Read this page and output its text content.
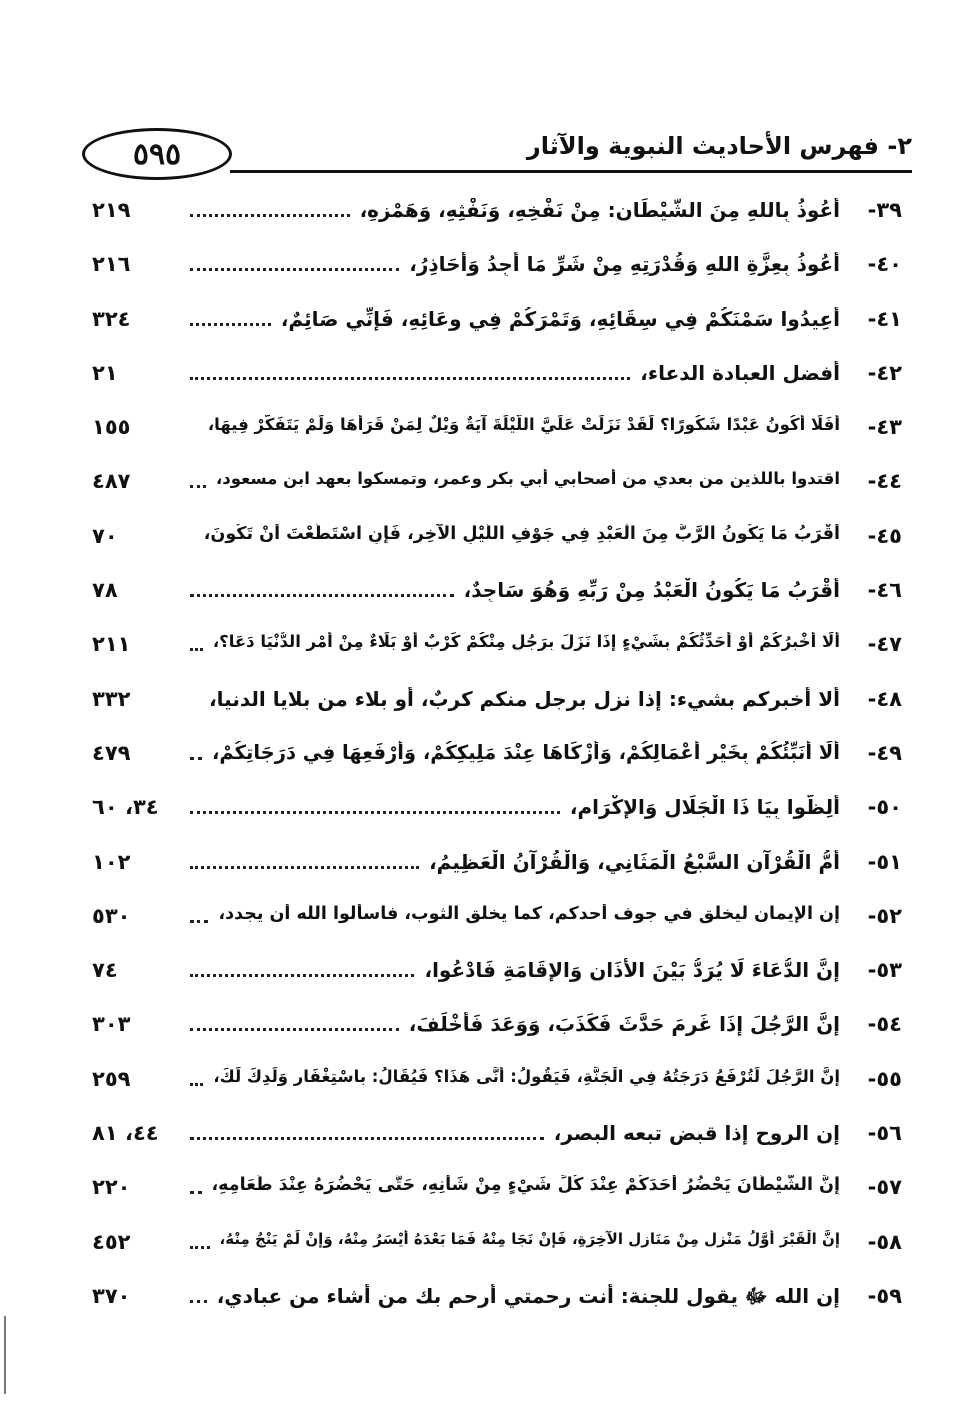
٥٩٥	٢- فهرس الأحاديث النبوية والآثار
٣٩-
أَعُوذُ بِاللهِ مِنَ الشَّيْطَانِ: مِنْ نَفْخِهِ، وَنَفْثِهِ، وَهَمْزِهِ،
٢١٩
٤٠-
أَعُوذُ بِعِزَّةِ اللهِ وَقُدْرَتِهِ مِنْ شَرِّ مَا أَجِدُ وَأُحَاذِرُ،
٢١٦
٤١-
أَعِيدُوا سَمْنَكُمْ فِي سِقَائِهِ، وَتَمْرَكُمْ فِي وِعَائِهِ، فَإِنِّي صَائِمٌ،
٣٢٤
٤٢-
أفضل العبادة الدعاء،
٢١
٤٣-
أَفَلَا أَكُونُ عَبْدًا شَكُورًا؟ لَقَدْ نَزَلَتْ عَلَيَّ اللَّيْلَةَ آيَةٌ وَيْلٌ لِمَنْ قَرَأَهَا وَلَمْ يَتَفَكَّرْ فِيهَا،
١٥٥
٤٤-
اقتدوا باللذين من بعدي من أصحابي أبي بكر وعمر، وتمسكوا بعهد ابن مسعود،
٤٨٧
٤٥-
أَقْرَبُ مَا يَكُونُ الرَّبُّ مِنَ الْعَبْدِ فِي جَوْفِ اللَّيْلِ الآخِرِ، فَإِنِ اسْتَطَعْتَ أَنْ تَكُونَ،
٧٠
٤٦-
أَقْرَبُ مَا يَكُونُ الْعَبْدُ مِنْ رَبِّهِ وَهُوَ سَاجِدٌ،
٧٨
٤٧-
أَلَا أُخْبِرُكُمْ أَوْ أُحَدِّثُكُمْ بِشَيْءٍ إِذَا نَزَلَ بِرَجُلٍ مِنْكُمْ كَرْبٌ أَوْ بَلَاءٌ مِنْ أَمْرِ الدُّنْيَا دَعَا؟،
٢١١
٤٨-
ألا أخبركم بشيء: إذا نزل برجل منكم كربٌ، أو بلاء من بلايا الدنيا،
٣٣٢
٤٩-
أَلَا أُنَبِّئُكُمْ بِخَيْرِ أَعْمَالِكُمْ، وَأَزْكَاهَا عِنْدَ مَلِيكِكُمْ، وَأَرْفَعِهَا فِي دَرَجَاتِكُمْ،
٤٧٩
٥٠-
أَلِظُّوا بِيَا ذَا الْجَلَالِ وَالإِكْرَامِ،
٣٤، ٦٠
٥١-
أُمُّ الْقُرْآنِ السَّبْعُ الْمَثَانِي، وَالْقُرْآنُ الْعَظِيمُ،
١٠٢
٥٢-
إن الإيمان ليخلق في جوف أحدكم، كما يخلق الثوب، فاسألوا الله أن يجدد،
٥٣٠
٥٣-
إِنَّ الدُّعَاءَ لَا يُرَدُّ بَيْنَ الأَذَانِ وَالإِقَامَةِ فَادْعُوا،
٧٤
٥٤-
إِنَّ الرَّجُلَ إِذَا غَرِمَ حَدَّثَ فَكَذَبَ، وَوَعَدَ فَأَخْلَفَ،
٣٠٣
٥٥-
إِنَّ الرَّجُلَ لَتُرْفَعُ دَرَجَتُهُ فِي الْجَنَّةِ، فَيَقُولُ: أَنَّى هَذَا؟ فَيُقَالُ: بِاسْتِغْفَارِ وَلَدِكَ لَكَ،
٢٥٩
٥٦-
إن الروح إذا قبض تبعه البصر،
٤٤، ٨١
٥٧-
إِنَّ الشَّيْطَانَ يَحْضُرُ أَحَدَكُمْ عِنْدَ كُلِّ شَيْءٍ مِنْ شَأْنِهِ، حَتَّى يَحْضُرَهُ عِنْدَ طَعَامِهِ،
٢٢٠
٥٨-
إِنَّ الْقَبْرَ أَوَّلُ مَنْزِلٍ مِنْ مَنَازِلِ الآخِرَةِ، فَإِنْ نَجَا مِنْهُ فَمَا بَعْدَهُ أَيْسَرُ مِنْهُ، وَإِنْ لَمْ يَنْجُ مِنْهُ،
٤٥٢
٥٩-
إن الله ﷻ يقول للجنة: أنت رحمتي أرحم بك من أشاء من عبادي،
٣٧٠
